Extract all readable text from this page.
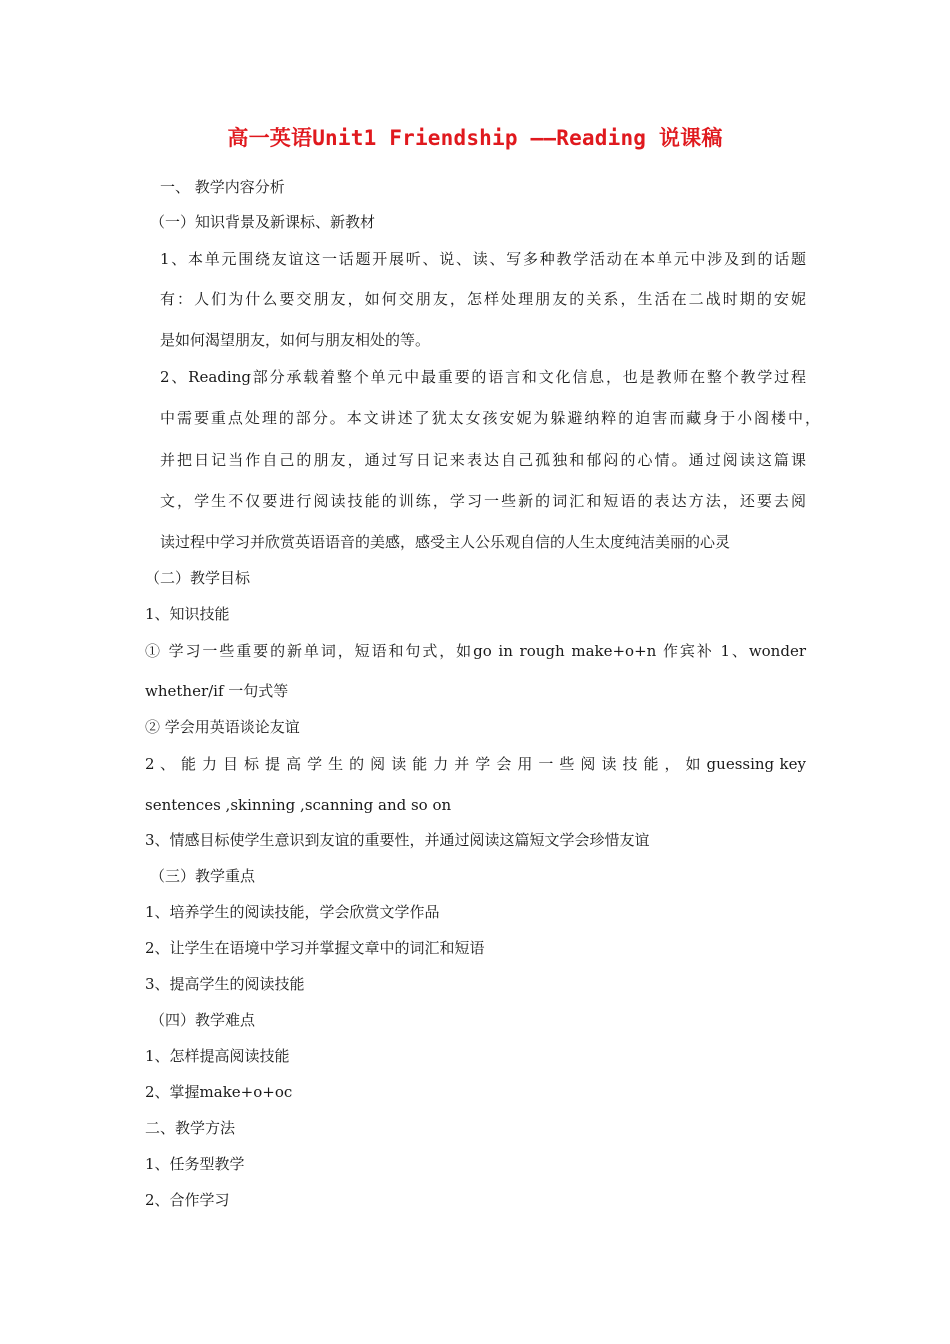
高一英语Unit1 Friendship ——Reading 说课稿
一、 教学内容分析
（一）知识背景及新课标、新教材
1、本单元围绕友谊这一话题开展听、说、读、写多种教学活动在本单元中涉及到的话题
有：人们为什么要交朋友，如何交朋友，怎样处理朋友的关系，生活在二战时期的安妮
是如何渴望朋友，如何与朋友相处的等。
2、Reading部分承载着整个单元中最重要的语言和文化信息，也是教师在整个教学过程
中需要重点处理的部分。本文讲述了犹太女孩安妮为躲避纳粹的迫害而藏身于小阁楼中，
并把日记当作自己的朋友，通过写日记来表达自己孤独和郁闷的心情。通过阅读这篇课
文，学生不仅要进行阅读技能的训练，学习一些新的词汇和短语的表达方法，还要去阅
读过程中学习并欣赏英语语音的美感，感受主人公乐观自信的人生太度纯洁美丽的心灵
（二）教学目标
1、知识技能
① 学习一些重要的新单词，短语和句式，如go in rough make+o+n 作宾补 1、wonder
whether/if 一句式等
② 学会用英语谈论友谊
2 、 能 力 目 标 提 高 学 生 的 阅 读 能 力 并 学 会 用 一 些 阅 读 技 能 ， 如 guessing key
sentences ,skinning ,scanning and so on
3、情感目标使学生意识到友谊的重要性，并通过阅读这篇短文学会珍惜友谊
（三）教学重点
1、培养学生的阅读技能，学会欣赏文学作品
2、让学生在语境中学习并掌握文章中的词汇和短语
3、提高学生的阅读技能
（四）教学难点
1、怎样提高阅读技能
2、掌握make+o+oc
二、教学方法
1、任务型教学
2、合作学习
